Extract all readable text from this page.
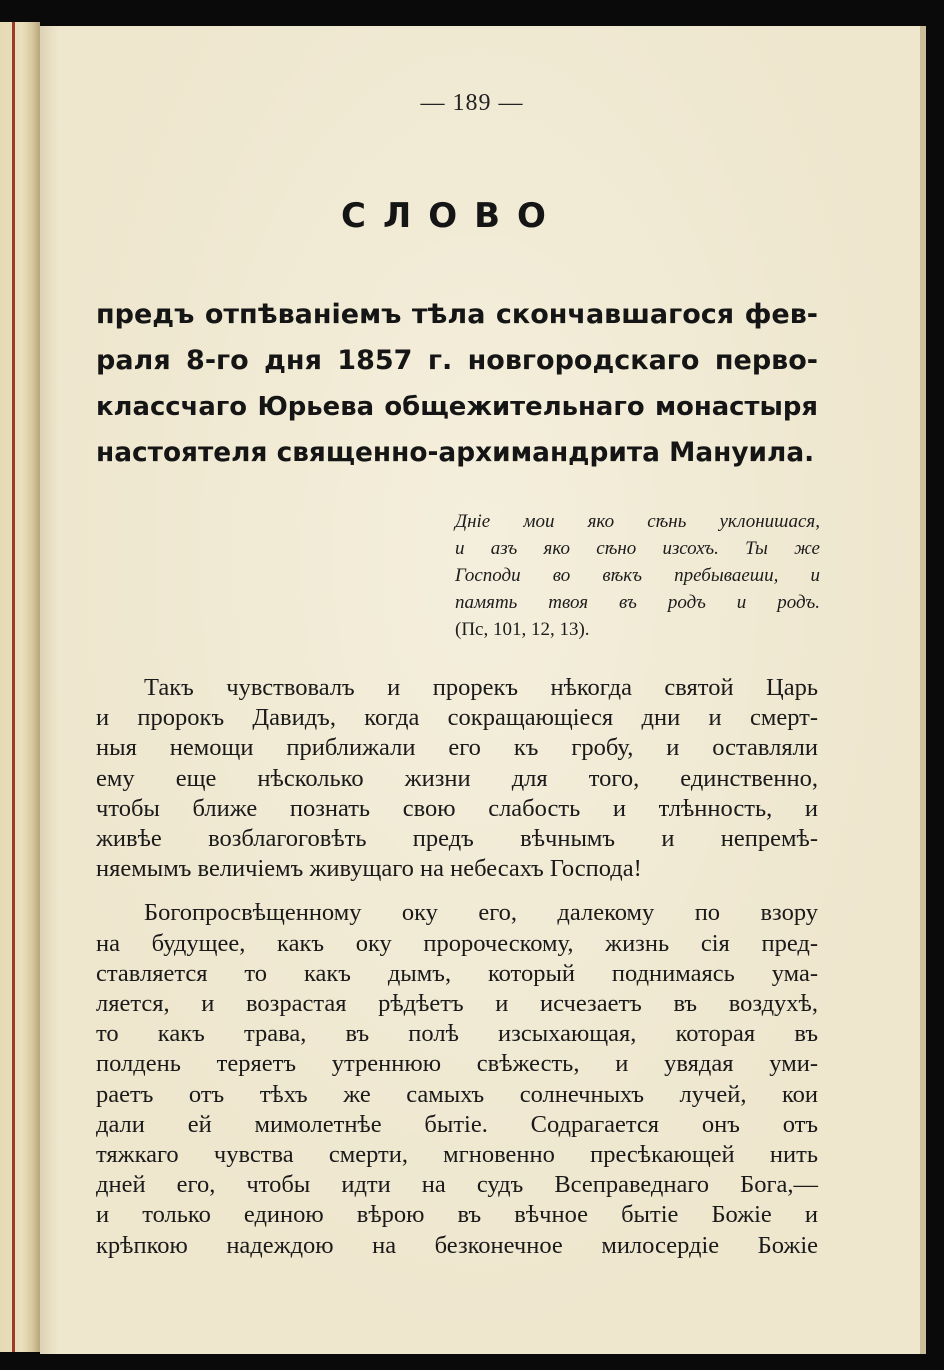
— 189 —
СЛОВО
предъ отпѣваніемъ тѣла скончавшагося фев-
раля 8-го дня 1857 г. новгородскаго перво-
классчаго Юрьева общежительнаго монастыря
настоятеля священно-архимандрита Мануила.
Дніе мои яко сѣнь уклонишася,
и азъ яко сѣно изсохъ. Ты же
Господи во вѣкъ пребываеши, и
память твоя въ родъ и родъ.
(Пс, 101, 12, 13).
Такъ чувствовалъ и прорекъ нѣкогда святой Царь
и пророкъ Давидъ, когда сокращающіеся дни и смерт-
ныя немощи приближали его къ гробу, и оставляли
ему еще нѣсколько жизни для того, единственно,
чтобы ближе познать свою слабость и тлѣнность, и
живѣе возблагоговѣть предъ вѣчнымъ и непремѣ-
няемымъ величіемъ живущаго на небесахъ Господа!
Богопросвѣщенному оку его, далекому по взору
на будущее, какъ оку пророческому, жизнь сія пред-
ставляется то какъ дымъ, который поднимаясь ума-
ляется, и возрастая рѣдѣетъ и исчезаетъ въ воздухѣ,
то какъ трава, въ полѣ изсыхающая, которая въ
полдень теряетъ утреннюю свѣжесть, и увядая уми-
раетъ отъ тѣхъ же самыхъ солнечныхъ лучей, кои
дали ей мимолетнѣе бытіе. Содрагается онъ отъ
тяжкаго чувства смерти, мгновенно пресѣкающей нить
дней его, чтобы идти на судъ Всеправеднаго Бога,—
и только единою вѣрою въ вѣчное бытіе Божіе и
крѣпкою надеждою на безконечное милосердіе Божіе
